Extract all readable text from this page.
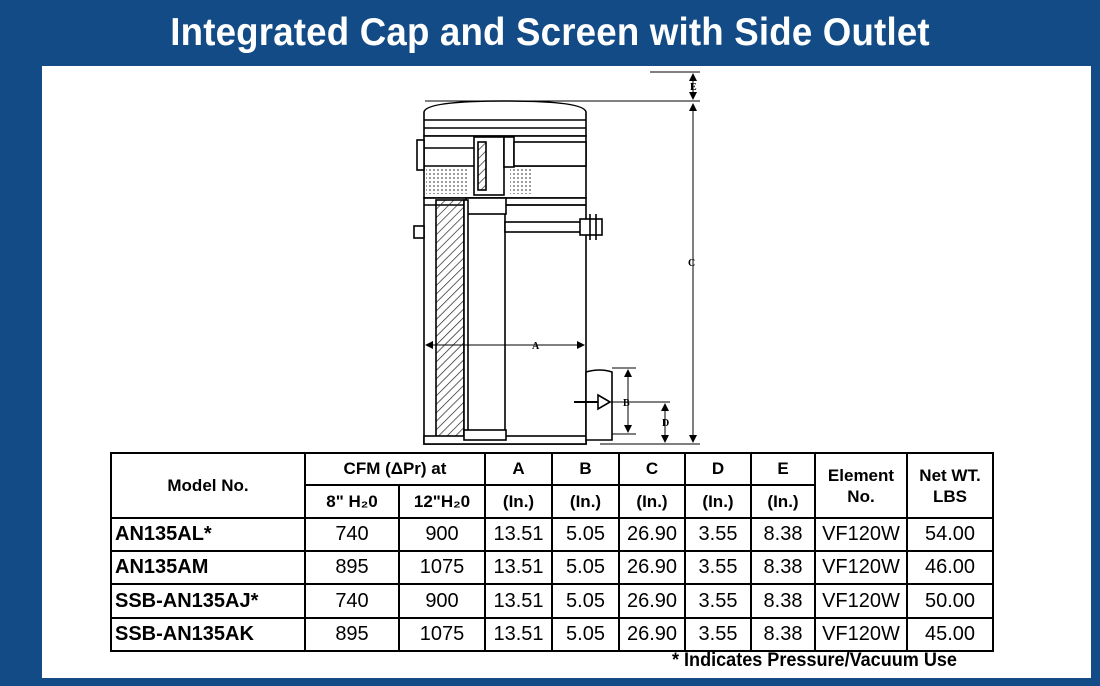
Integrated Cap and Screen with Side Outlet
E
C
A
B
D
Model No.	CFM (ΔPr) at		A	B	C	D	E	Element No.	Net WT. LBS
	8" H₂0	12"H₂0	(In.)	(In.)	(In.)	(In.)	(In.)		
AN135AL*	740	900	13.51	5.05	26.90	3.55	8.38	VF120W	54.00
AN135AM	895	1075	13.51	5.05	26.90	3.55	8.38	VF120W	46.00
SSB-AN135AJ*	740	900	13.51	5.05	26.90	3.55	8.38	VF120W	50.00
SSB-AN135AK	895	1075	13.51	5.05	26.90	3.55	8.38	VF120W	45.00
* Indicates Pressure/Vacuum Use
